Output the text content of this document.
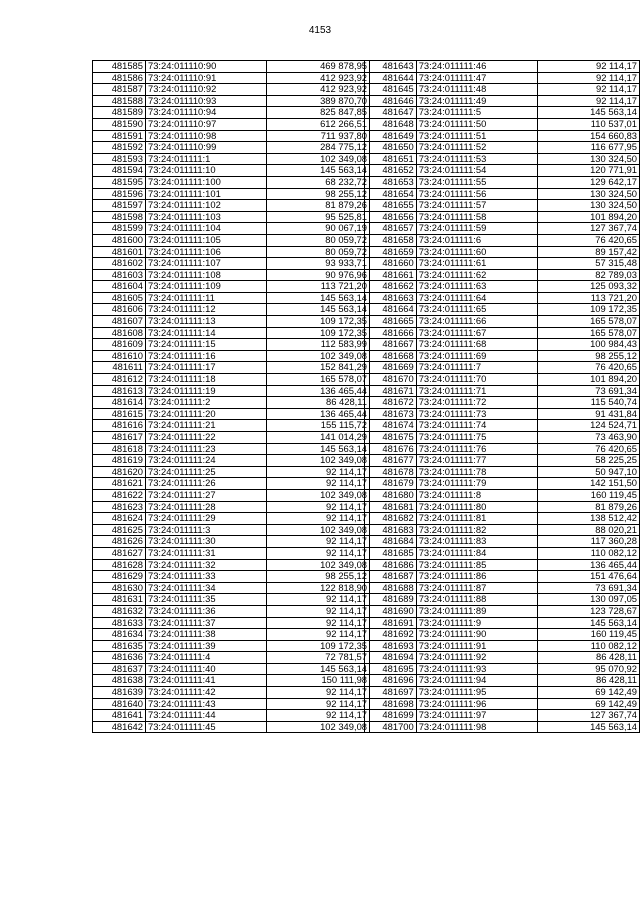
4153
481585	73:24:011110:90	469 878,95
481586	73:24:011110:91	412 923,92
481587	73:24:011110:92	412 923,92
481588	73:24:011110:93	389 870,70
481589	73:24:011110:94	825 847,85
481590	73:24:011110:97	612 266,51
481591	73:24:011110:98	711 937,80
481592	73:24:011110:99	284 775,12
481593	73:24:011111:1	102 349,08
481594	73:24:011111:10	145 563,14
481595	73:24:011111:100	68 232,72
481596	73:24:011111:101	98 255,12
481597	73:24:011111:102	81 879,26
481598	73:24:011111:103	95 525,81
481599	73:24:011111:104	90 067,19
481600	73:24:011111:105	80 059,72
481601	73:24:011111:106	80 059,72
481602	73:24:011111:107	93 933,71
481603	73:24:011111:108	90 976,96
481604	73:24:011111:109	113 721,20
481605	73:24:011111:11	145 563,14
481606	73:24:011111:12	145 563,14
481607	73:24:011111:13	109 172,35
481608	73:24:011111:14	109 172,35
481609	73:24:011111:15	112 583,99
481610	73:24:011111:16	102 349,08
481611	73:24:011111:17	152 841,29
481612	73:24:011111:18	165 578,07
481613	73:24:011111:19	136 465,44
481614	73:24:011111:2	86 428,11
481615	73:24:011111:20	136 465,44
481616	73:24:011111:21	155 115,72
481617	73:24:011111:22	141 014,29
481618	73:24:011111:23	145 563,14
481619	73:24:011111:24	102 349,08
481620	73:24:011111:25	92 114,17
481621	73:24:011111:26	92 114,17
481622	73:24:011111:27	102 349,08
481623	73:24:011111:28	92 114,17
481624	73:24:011111:29	92 114,17
481625	73:24:011111:3	102 349,08
481626	73:24:011111:30	92 114,17
481627	73:24:011111:31	92 114,17
481628	73:24:011111:32	102 349,08
481629	73:24:011111:33	98 255,12
481630	73:24:011111:34	122 818,90
481631	73:24:011111:35	92 114,17
481632	73:24:011111:36	92 114,17
481633	73:24:011111:37	92 114,17
481634	73:24:011111:38	92 114,17
481635	73:24:011111:39	109 172,35
481636	73:24:011111:4	72 781,57
481637	73:24:011111:40	145 563,14
481638	73:24:011111:41	150 111,98
481639	73:24:011111:42	92 114,17
481640	73:24:011111:43	92 114,17
481641	73:24:011111:44	92 114,17
481642	73:24:011111:45	102 349,08
481643	73:24:011111:46	92 114,17
481644	73:24:011111:47	92 114,17
481645	73:24:011111:48	92 114,17
481646	73:24:011111:49	92 114,17
481647	73:24:011111:5	145 563,14
481648	73:24:011111:50	110 537,01
481649	73:24:011111:51	154 660,83
481650	73:24:011111:52	116 677,95
481651	73:24:011111:53	130 324,50
481652	73:24:011111:54	120 771,91
481653	73:24:011111:55	129 642,17
481654	73:24:011111:56	130 324,50
481655	73:24:011111:57	130 324,50
481656	73:24:011111:58	101 894,20
481657	73:24:011111:59	127 367,74
481658	73:24:011111:6	76 420,65
481659	73:24:011111:60	89 157,42
481660	73:24:011111:61	57 315,48
481661	73:24:011111:62	82 789,03
481662	73:24:011111:63	125 093,32
481663	73:24:011111:64	113 721,20
481664	73:24:011111:65	109 172,35
481665	73:24:011111:66	165 578,07
481666	73:24:011111:67	165 578,07
481667	73:24:011111:68	100 984,43
481668	73:24:011111:69	98 255,12
481669	73:24:011111:7	76 420,65
481670	73:24:011111:70	101 894,20
481671	73:24:011111:71	73 691,34
481672	73:24:011111:72	115 540,74
481673	73:24:011111:73	91 431,84
481674	73:24:011111:74	124 524,71
481675	73:24:011111:75	73 463,90
481676	73:24:011111:76	76 420,65
481677	73:24:011111:77	58 225,25
481678	73:24:011111:78	50 947,10
481679	73:24:011111:79	142 151,50
481680	73:24:011111:8	160 119,45
481681	73:24:011111:80	81 879,26
481682	73:24:011111:81	138 512,42
481683	73:24:011111:82	88 020,21
481684	73:24:011111:83	117 360,28
481685	73:24:011111:84	110 082,12
481686	73:24:011111:85	136 465,44
481687	73:24:011111:86	151 476,64
481688	73:24:011111:87	73 691,34
481689	73:24:011111:88	130 097,05
481690	73:24:011111:89	123 728,67
481691	73:24:011111:9	145 563,14
481692	73:24:011111:90	160 119,45
481693	73:24:011111:91	110 082,12
481694	73:24:011111:92	86 428,11
481695	73:24:011111:93	95 070,92
481696	73:24:011111:94	86 428,11
481697	73:24:011111:95	69 142,49
481698	73:24:011111:96	69 142,49
481699	73:24:011111:97	127 367,74
481700	73:24:011111:98	145 563,14
